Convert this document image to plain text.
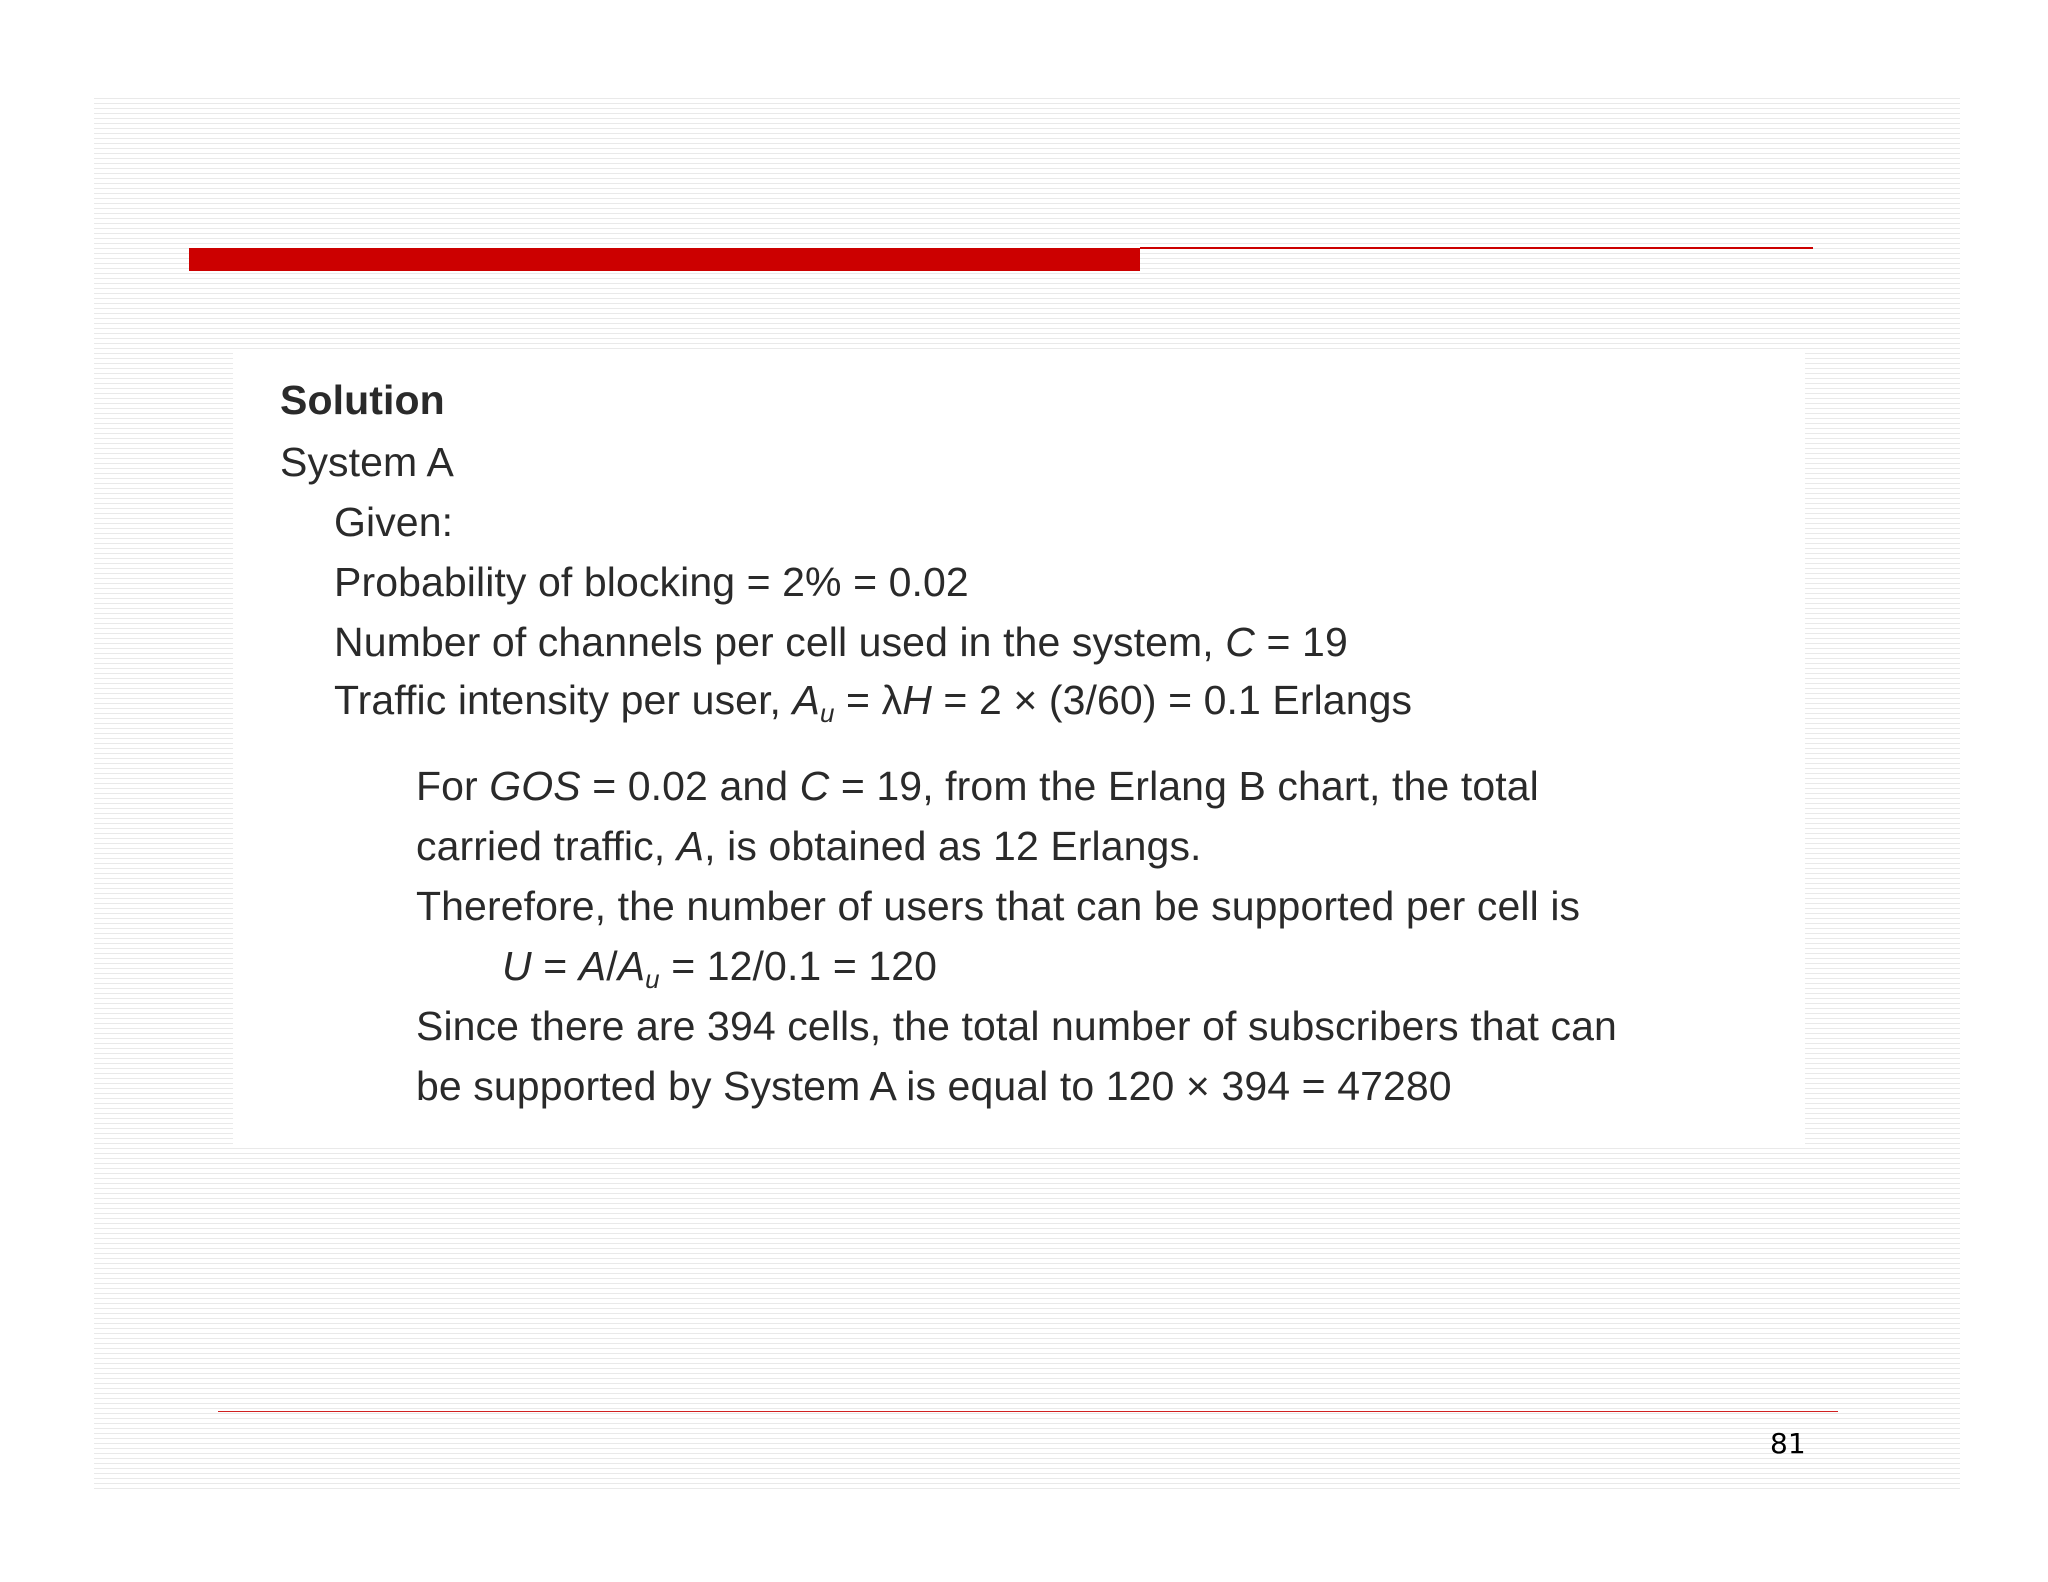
Solution
System A
Given:
Probability of blocking = 2% = 0.02
Number of channels per cell used in the system, C = 19
Traffic intensity per user, $A_u = \lambda H = 2 \times (3/60) = 0.1$ Erlangs
For GOS = 0.02 and C = 19, from the Erlang B chart, the total
carried traffic, A, is obtained as 12 Erlangs.
Therefore, the number of users that can be supported per cell is
$U = A/A_u = 12/0.1 = 120$
Since there are 394 cells, the total number of subscribers that can
be supported by System A is equal to 120 × 394 = 47280
81
